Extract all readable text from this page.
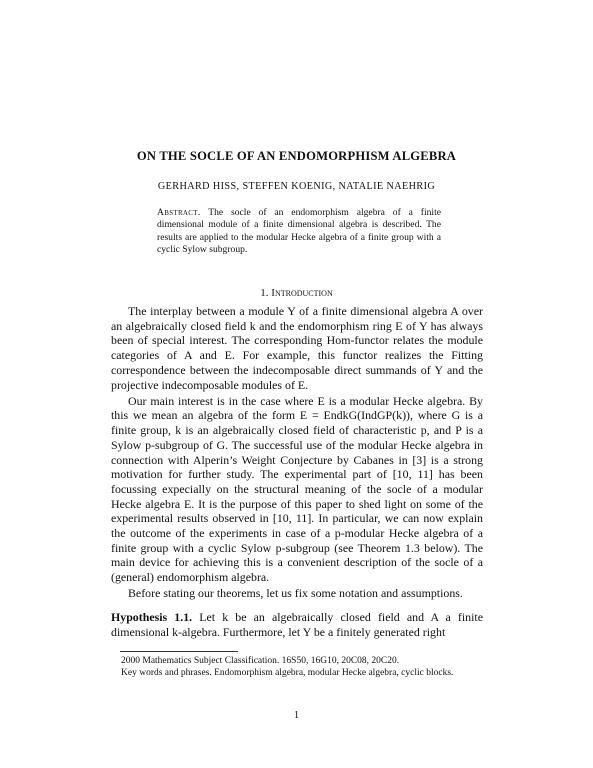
ON THE SOCLE OF AN ENDOMORPHISM ALGEBRA
GERHARD HISS, STEFFEN KOENIG, NATALIE NAEHRIG
Abstract. The socle of an endomorphism algebra of a finite dimensional module of a finite dimensional algebra is described. The results are applied to the modular Hecke algebra of a finite group with a cyclic Sylow subgroup.
1. Introduction

The interplay between a module Y of a finite dimensional algebra A over an algebraically closed field k and the endomorphism ring E of Y has always been of special interest. The corresponding Hom-functor relates the module categories of A and E. For example, this functor realizes the Fitting correspondence between the indecomposable direct summands of Y and the projective indecomposable modules of E.

Our main interest is in the case where E is a modular Hecke algebra. By this we mean an algebra of the form E = EndkG(IndGP(k)), where G is a finite group, k is an algebraically closed field of characteristic p, and P is a Sylow p-subgroup of G. The successful use of the modular Hecke algebra in connection with Alperin’s Weight Conjecture by Cabanes in [3] is a strong motivation for further study. The experimental part of [10, 11] has been focussing expecially on the structural meaning of the socle of a modular Hecke algebra E. It is the purpose of this paper to shed light on some of the experimental results observed in [10, 11]. In particular, we can now explain the outcome of the experiments in case of a p-modular Hecke algebra of a finite group with a cyclic Sylow p-subgroup (see Theorem 1.3 below). The main device for achieving this is a convenient description of the socle of a (general) endomorphism algebra.

Before stating our theorems, let us fix some notation and assumptions.

Hypothesis 1.1. Let k be an algebraically closed field and A a finite dimensional k-algebra. Furthermore, let Y be a finitely generated right

2000 Mathematics Subject Classification. 16S50, 16G10, 20C08, 20C20.

Key words and phrases. Endomorphism algebra, modular Hecke algebra, cyclic blocks.

1
